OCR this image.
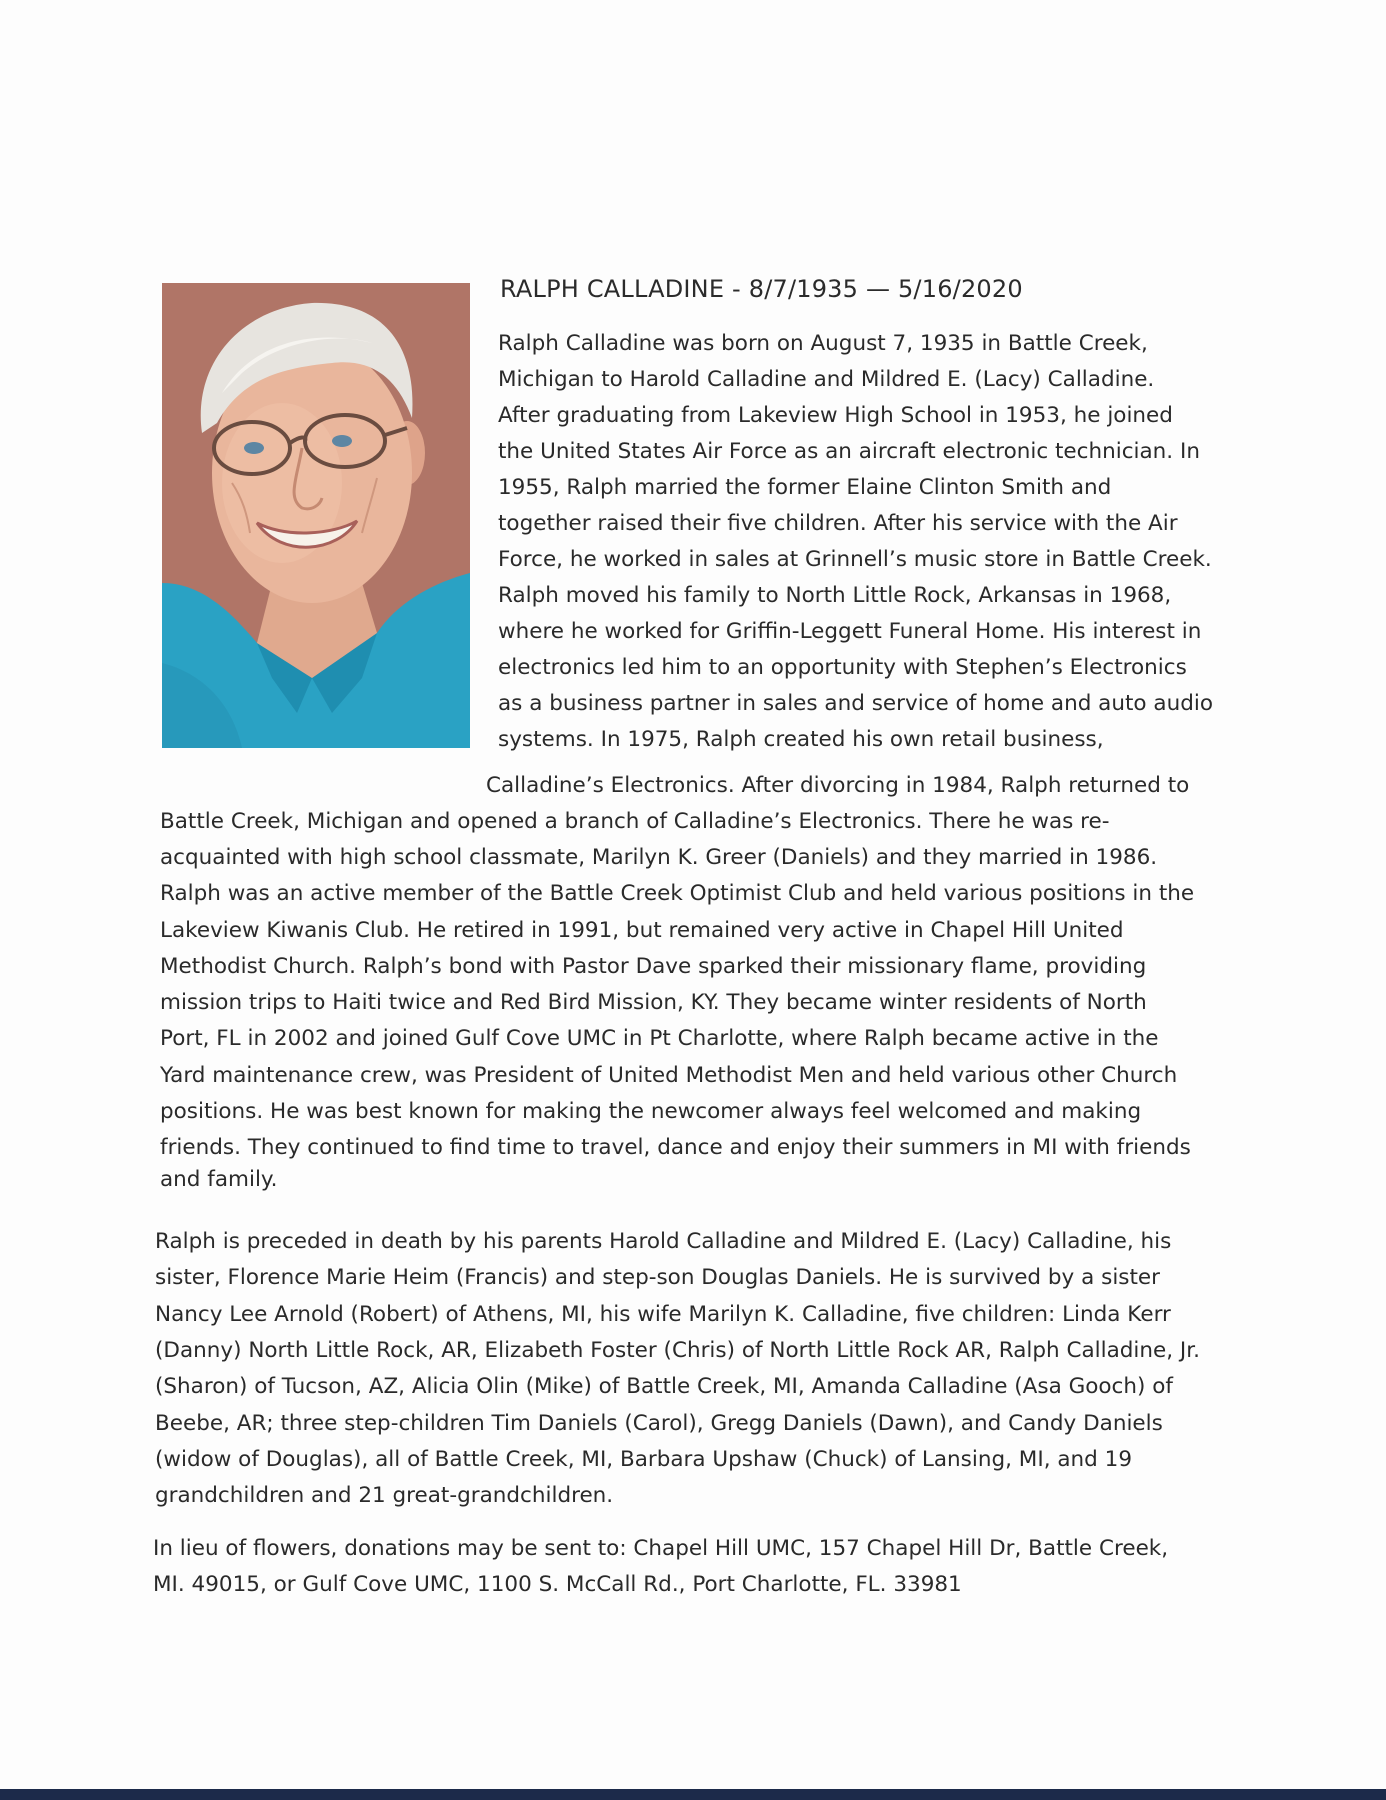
RALPH CALLADINE - 8/7/1935 — 5/16/2020
Ralph Calladine was born on August 7, 1935 in Battle Creek,
Michigan to Harold Calladine and Mildred E. (Lacy) Calladine.
After graduating from Lakeview High School in 1953, he joined
the United States Air Force as an aircraft electronic technician. In
1955, Ralph married the former Elaine Clinton Smith and
together raised their five children. After his service with the Air
Force, he worked in sales at Grinnell’s music store in Battle Creek.
Ralph moved his family to North Little Rock, Arkansas in 1968,
where he worked for Griffin-Leggett Funeral Home. His interest in
electronics led him to an opportunity with Stephen’s Electronics
as a business partner in sales and service of home and auto audio
systems. In 1975, Ralph created his own retail business,
Calladine’s Electronics. After divorcing in 1984, Ralph returned to
Battle Creek, Michigan and opened a branch of Calladine’s Electronics. There he was re-
acquainted with high school classmate, Marilyn K. Greer (Daniels) and they married in 1986.
Ralph was an active member of the Battle Creek Optimist Club and held various positions in the
Lakeview Kiwanis Club. He retired in 1991, but remained very active in Chapel Hill United
Methodist Church. Ralph’s bond with Pastor Dave sparked their missionary flame, providing
mission trips to Haiti twice and Red Bird Mission, KY. They became winter residents of North
Port, FL in 2002 and joined Gulf Cove UMC in Pt Charlotte, where Ralph became active in the
Yard maintenance crew, was President of United Methodist Men and held various other Church
positions. He was best known for making the newcomer always feel welcomed and making
friends. They continued to find time to travel, dance and enjoy their summers in MI with friends
and family.
Ralph is preceded in death by his parents Harold Calladine and Mildred E. (Lacy) Calladine, his
sister, Florence Marie Heim (Francis) and step-son Douglas Daniels. He is survived by a sister
Nancy Lee Arnold (Robert) of Athens, MI, his wife Marilyn K. Calladine, five children: Linda Kerr
(Danny) North Little Rock, AR, Elizabeth Foster (Chris) of North Little Rock AR, Ralph Calladine, Jr.
(Sharon) of Tucson, AZ, Alicia Olin (Mike) of Battle Creek, MI, Amanda Calladine (Asa Gooch) of
Beebe, AR; three step-children Tim Daniels (Carol), Gregg Daniels (Dawn), and Candy Daniels
(widow of Douglas), all of Battle Creek, MI, Barbara Upshaw (Chuck) of Lansing, MI, and 19
grandchildren and 21 great-grandchildren.
In lieu of flowers, donations may be sent to: Chapel Hill UMC, 157 Chapel Hill Dr, Battle Creek,
MI. 49015, or Gulf Cove UMC, 1100 S. McCall Rd., Port Charlotte, FL. 33981
